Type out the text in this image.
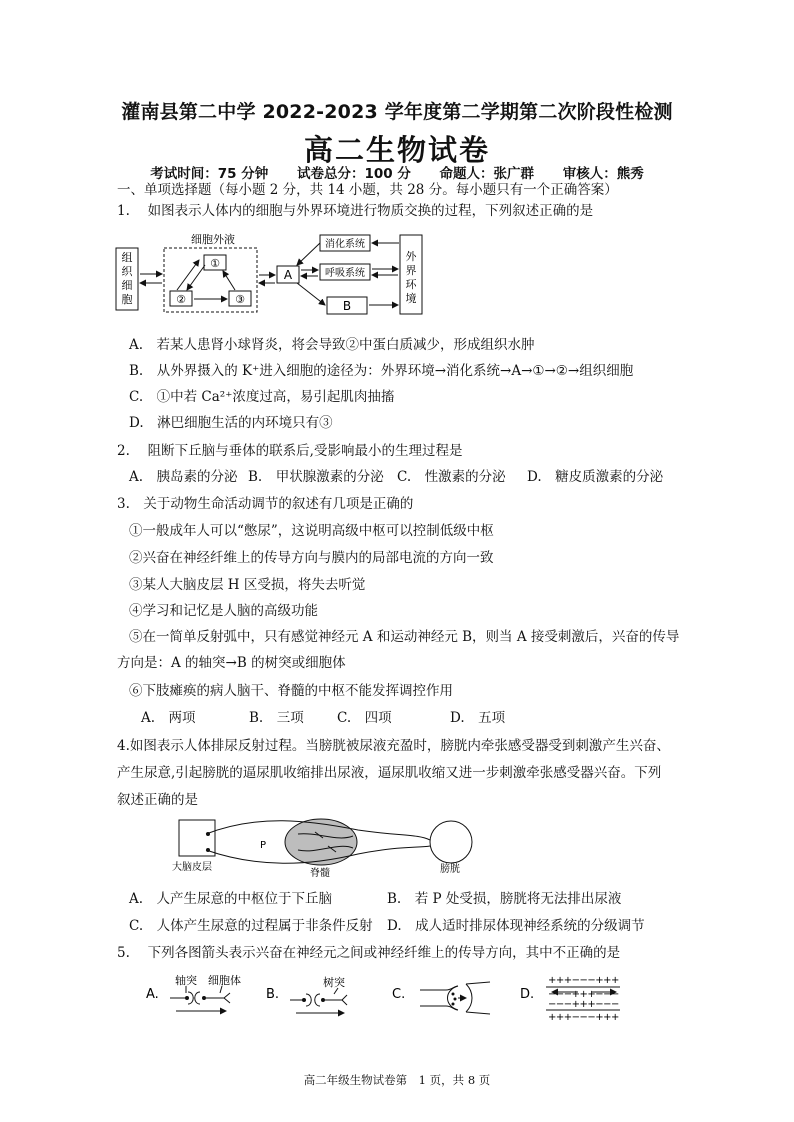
灌南县第二中学 2022-2023 学年度第二学期第二次阶段性检测
高二生物试卷
考试时间：75 分钟 试卷总分：100 分 命题人：张广群 审核人：熊秀
一、单项选择题（每小题 2 分，共 14 小题，共 28 分。每小题只有一个正确答案）
1.　 如图表示人体内的细胞与外界环境进行物质交换的过程，下列叙述正确的是
组
织
细
胞
细胞外液
①
②	③
A
消化系统
呼吸系统
B
外
界
环
境
A.　若某人患肾小球肾炎，将会导致②中蛋白质减少，形成组织水肿
B.　从外界摄入的 K⁺进入细胞的途径为：外界环境→消化系统→A→①→②→组织细胞
C.　①中若 Ca²⁺浓度过高，易引起肌肉抽搐
D.　淋巴细胞生活的内环境只有③
2.　 阻断下丘脑与垂体的联系后,受影响最小的生理过程是
A.　胰岛素的分泌 B.　甲状腺激素的分泌 C.　性激素的分泌 D.　糖皮质激素的分泌
3.　关于动物生命活动调节的叙述有几项是正确的
①一般成年人可以“憋尿”，这说明高级中枢可以控制低级中枢
②兴奋在神经纤维上的传导方向与膜内的局部电流的方向一致
③某人大脑皮层 H 区受损，将失去听觉
④学习和记忆是人脑的高级功能
⑤在一简单反射弧中，只有感觉神经元 A 和运动神经元 B，则当 A 接受刺激后，兴奋的传导
方向是：A 的轴突→B 的树突或细胞体
⑥下肢瘫痪的病人脑干、脊髓的中枢不能发挥调控作用
A.　两项	B.　三项 C.　四项	D.　五项
4.如图表示人体排尿反射过程。当膀胱被尿液充盈时，膀胱内牵张感受器受到刺激产生兴奋、
产生尿意,引起膀胱的逼尿肌收缩排出尿液，逼尿肌收缩又进一步刺激牵张感受器兴奋。下列
叙述正确的是
P
大脑皮层
脊髓	膀胱
A.　人产生尿意的中枢位于下丘脑	B.　若 P 处受损，膀胱将无法排出尿液
C.　人体产生尿意的过程属于非条件反射 D.　成人适时排尿体现神经系统的分级调节
5.　 下列各图箭头表示兴奋在神经元之间或神经纤维上的传导方向，其中不正确的是
A.
轴突 细胞体
B.
树突
C.	D.
+++−−−+++
−−−+++−−−
−−−+++−−−
+++−−−+++
高二年级生物试卷第　1 页，共 8 页
